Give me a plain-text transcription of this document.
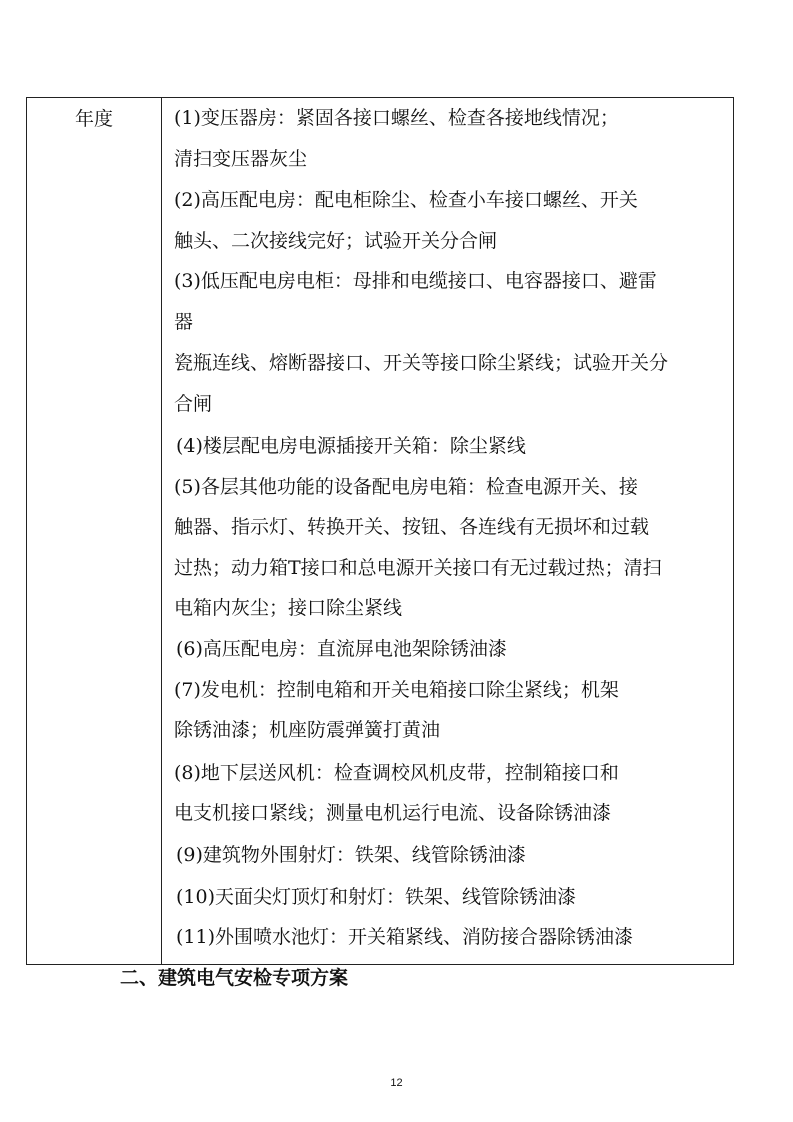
年度	(1)变压器房：紧固各接口螺丝、检查各接地线情况；
清扫变压器灰尘
(2)高压配电房：配电柜除尘、检查小车接口螺丝、开关
触头、二次接线完好；试验开关分合闸
(3)低压配电房电柜：母排和电缆接口、电容器接口、避雷
器
瓷瓶连线、熔断器接口、开关等接口除尘紧线；试验开关分
合闸
(4)楼层配电房电源插接开关箱：除尘紧线
(5)各层其他功能的设备配电房电箱：检查电源开关、接
触器、指示灯、转换开关、按钮、各连线有无损坏和过载
过热；动力箱T接口和总电源开关接口有无过载过热；清扫
电箱内灰尘；接口除尘紧线
(6)高压配电房：直流屏电池架除锈油漆
(7)发电机：控制电箱和开关电箱接口除尘紧线；机架
除锈油漆；机座防震弹簧打黄油
(8)地下层送风机：检查调校风机皮带，控制箱接口和
电支机接口紧线；测量电机运行电流、设备除锈油漆
(9)建筑物外围射灯：铁架、线管除锈油漆
(10)天面尖灯顶灯和射灯：铁架、线管除锈油漆
(11)外围喷水池灯：开关箱紧线、消防接合器除锈油漆
二、建筑电气安检专项方案
12
